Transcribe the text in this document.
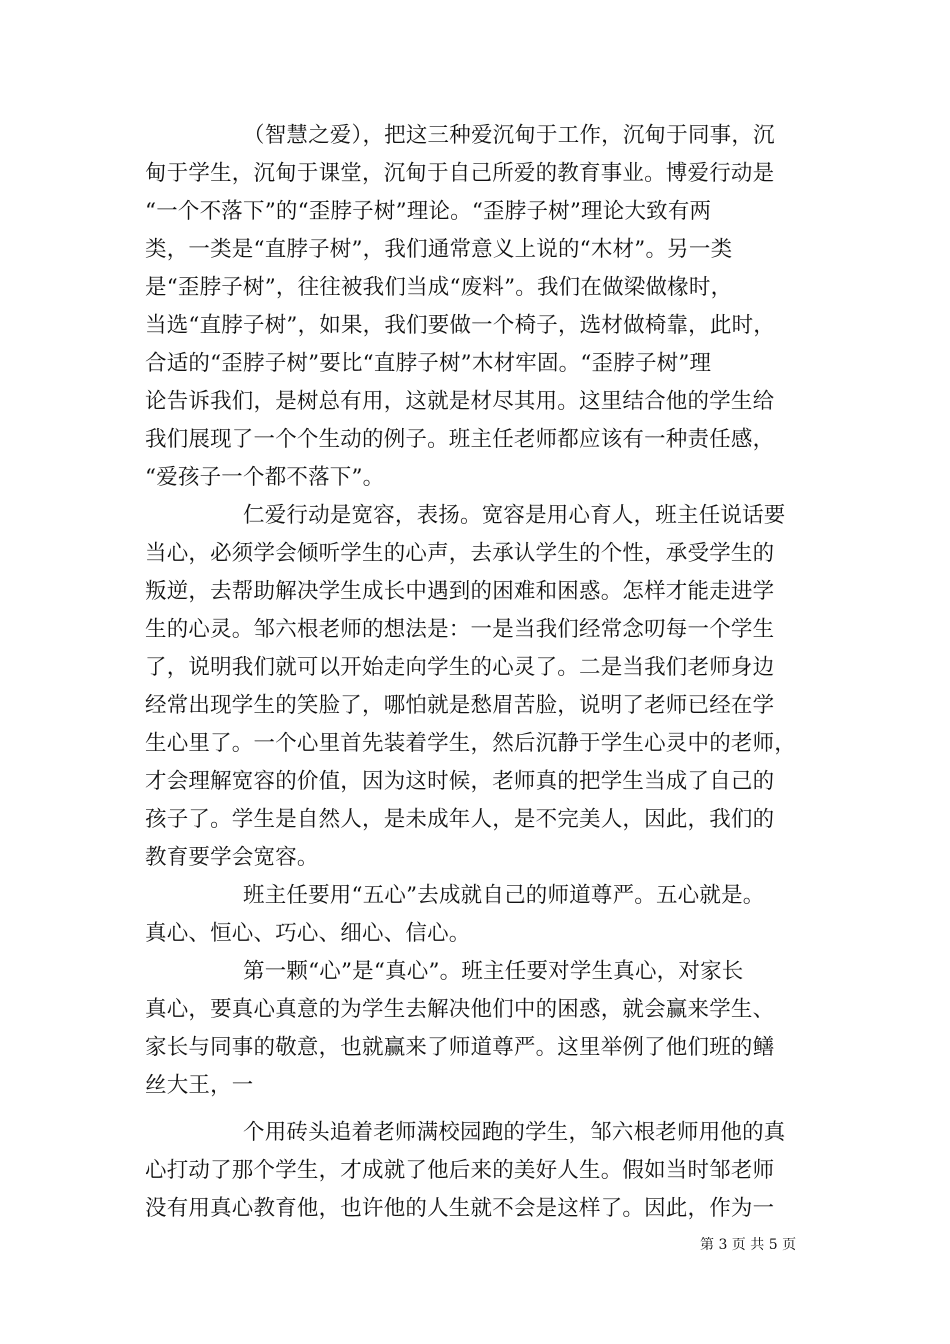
（智慧之爱），把这三种爱沉甸于工作，沉甸于同事，沉
甸于学生，沉甸于课堂，沉甸于自己所爱的教育事业。博爱行动是
“一个不落下”的“歪脖子树”理论。“歪脖子树”理论大致有两
类，一类是“直脖子树”，我们通常意义上说的“木材”。另一类
是“歪脖子树”，往往被我们当成“废料”。我们在做梁做椽时，
当选“直脖子树”，如果，我们要做一个椅子，选材做椅靠，此时，
合适的“歪脖子树”要比“直脖子树”木材牢固。“歪脖子树”理
论告诉我们，是树总有用，这就是材尽其用。这里结合他的学生给
我们展现了一个个生动的例子。班主任老师都应该有一种责任感，
“爱孩子一个都不落下”。
仁爱行动是宽容，表扬。宽容是用心育人，班主任说话要
当心，必须学会倾听学生的心声，去承认学生的个性，承受学生的
叛逆，去帮助解决学生成长中遇到的困难和困惑。怎样才能走进学
生的心灵。邹六根老师的想法是：一是当我们经常念叨每一个学生
了，说明我们就可以开始走向学生的心灵了。二是当我们老师身边
经常出现学生的笑脸了，哪怕就是愁眉苦脸，说明了老师已经在学
生心里了。一个心里首先装着学生，然后沉静于学生心灵中的老师，
才会理解宽容的价值，因为这时候，老师真的把学生当成了自己的
孩子了。学生是自然人，是未成年人，是不完美人，因此，我们的
教育要学会宽容。
班主任要用“五心”去成就自己的师道尊严。五心就是。
真心、恒心、巧心、细心、信心。
第一颗“心”是“真心”。班主任要对学生真心，对家长
真心，要真心真意的为学生去解决他们中的困惑，就会赢来学生、
家长与同事的敬意，也就赢来了师道尊严。这里举例了他们班的鳝
丝大王，一
个用砖头追着老师满校园跑的学生，邹六根老师用他的真
心打动了那个学生，才成就了他后来的美好人生。假如当时邹老师
没有用真心教育他，也许他的人生就不会是这样了。因此，作为一
第 3 页 共 5 页
